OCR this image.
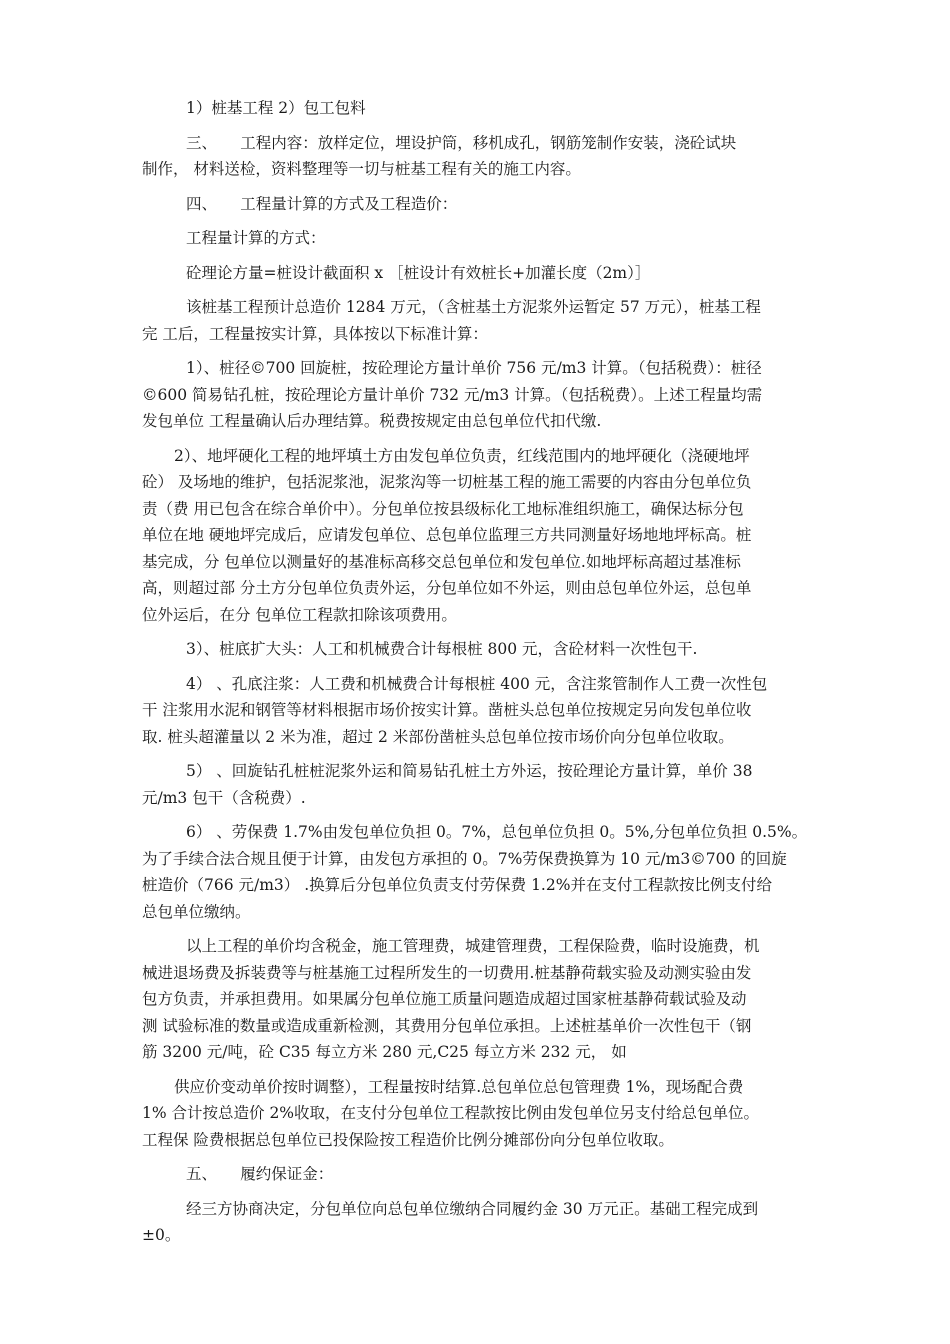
1）桩基工程 2）包工包料
三、　　工程内容：放样定位，埋设护筒，移机成孔，钢筋笼制作安装，浇砼试块
制作， 材料送检，资料整理等一切与桩基工程有关的施工内容。
四、　　工程量计算的方式及工程造价：
工程量计算的方式：
砼理论方量=桩设计截面积 x ［桩设计有效桩长+加灌长度（2m）］
该桩基工程预计总造价 1284 万元，（含桩基土方泥浆外运暂定 57 万元），桩基工程
完 工后，工程量按实计算，具体按以下标准计算：
1）、桩径©700 回旋桩，按砼理论方量计单价 756 元/m3 计算。（包括税费）：桩径
©600 简易钻孔桩，按砼理论方量计单价 732 元/m3 计算。（包括税费）。上述工程量均需
发包单位 工程量确认后办理结算。税费按规定由总包单位代扣代缴.
2）、地坪硬化工程的地坪填土方由发包单位负责，红线范围内的地坪硬化（浇硬地坪
砼） 及场地的维护，包括泥浆池，泥浆沟等一切桩基工程的施工需要的内容由分包单位负
责（费 用已包含在综合单价中）。分包单位按县级标化工地标准组织施工，确保达标分包
单位在地 硬地坪完成后，应请发包单位、总包单位监理三方共同测量好场地地坪标高。桩
基完成，分 包单位以测量好的基准标高移交总包单位和发包单位.如地坪标高超过基准标
高，则超过部 分土方分包单位负责外运，分包单位如不外运，则由总包单位外运，总包单
位外运后，在分 包单位工程款扣除该项费用。
3）、桩底扩大头：人工和机械费合计每根桩 800 元，含砼材料一次性包干.
4） 、孔底注浆：人工费和机械费合计每根桩 400 元，含注浆管制作人工费一次性包
干 注浆用水泥和钢管等材料根据市场价按实计算。凿桩头总包单位按规定另向发包单位收
取. 桩头超灌量以 2 米为准，超过 2 米部份凿桩头总包单位按市场价向分包单位收取。
5） 、回旋钻孔桩桩泥浆外运和简易钻孔桩土方外运，按砼理论方量计算，单价 38
元/m3 包干（含税费）.
6） 、劳保费 1.7%由发包单位负担 0。7%，总包单位负担 0。5%,分包单位负担 0.5%。
为了手续合法合规且便于计算，由发包方承担的 0。7%劳保费换算为 10 元/m3©700 的回旋
桩造价（766 元/m3） .换算后分包单位负责支付劳保费 1.2%并在支付工程款按比例支付给
总包单位缴纳。
以上工程的单价均含税金，施工管理费，城建管理费，工程保险费，临时设施费，机
械进退场费及拆装费等与桩基施工过程所发生的一切费用.桩基静荷载实验及动测实验由发
包方负责，并承担费用。如果属分包单位施工质量问题造成超过国家桩基静荷载试验及动
测 试验标准的数量或造成重新检测，其费用分包单位承担。上述桩基单价一次性包干（钢
筋 3200 元/吨，砼 C35 每立方米 280 元,C25 每立方米 232 元， 如
供应价变动单价按时调整），工程量按时结算.总包单位总包管理费 1%，现场配合费
1% 合计按总造价 2%收取，在支付分包单位工程款按比例由发包单位另支付给总包单位。
工程保 险费根据总包单位已投保险按工程造价比例分摊部份向分包单位收取。
五、　　履约保证金：
经三方协商决定，分包单位向总包单位缴纳合同履约金 30 万元正。基础工程完成到
±0。
